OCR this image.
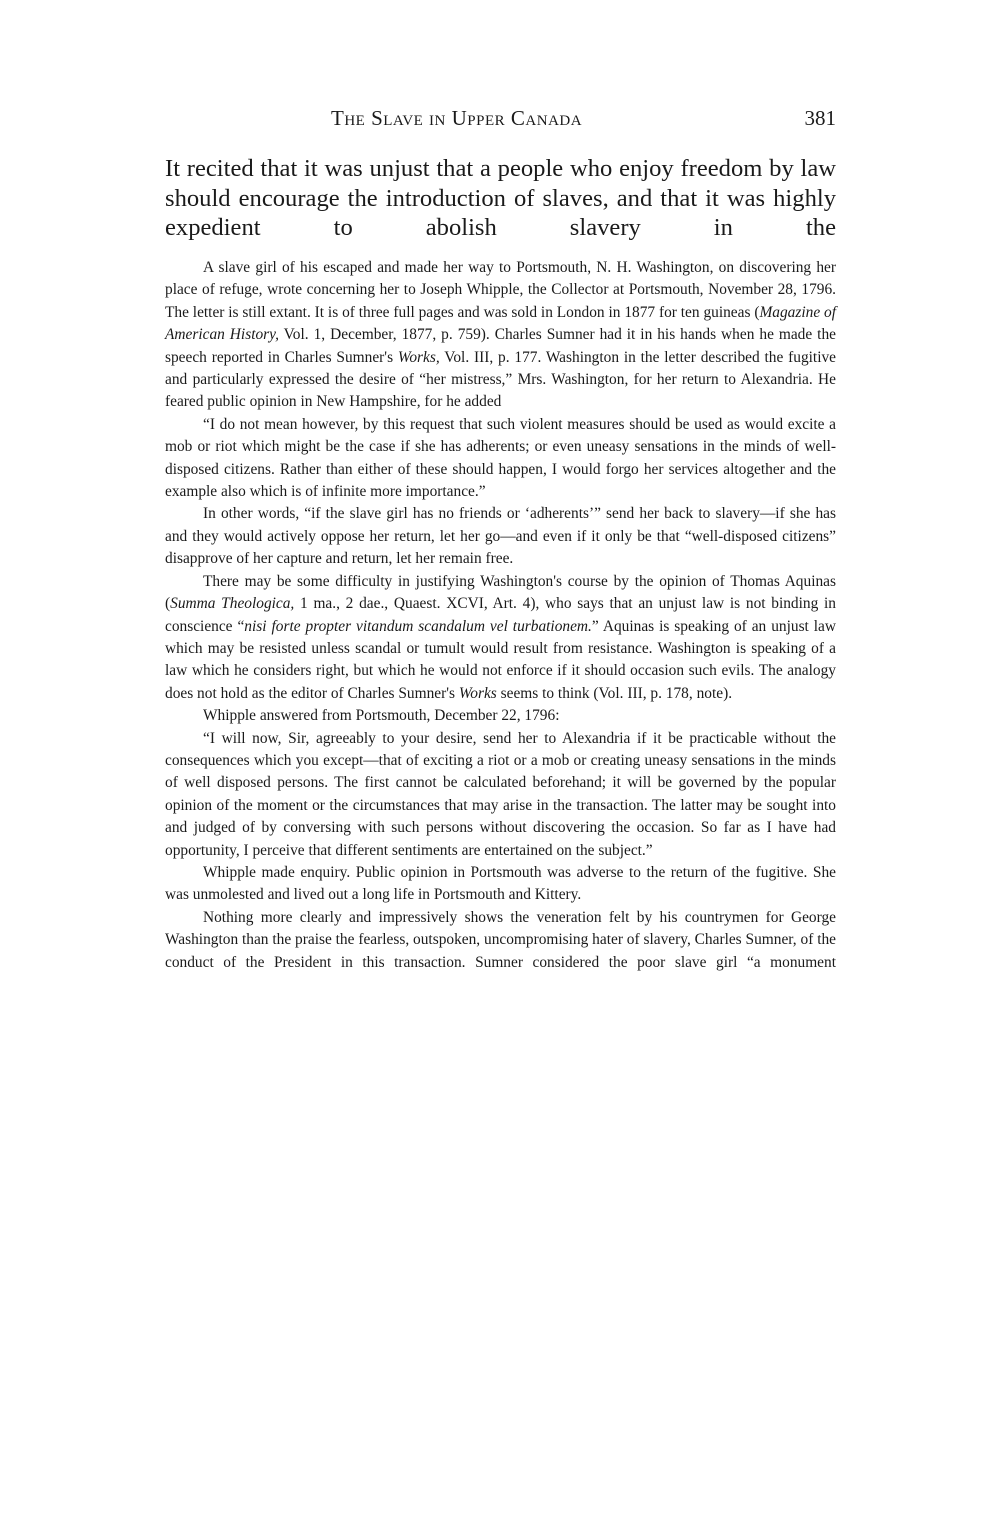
The Slave in Upper Canada	381

It recited that it was unjust that a people who enjoy freedom by law should encourage the introduction of slaves, and that it was highly expedient to abolish slavery in the

A slave girl of his escaped and made her way to Portsmouth, N. H. Washington, on discovering her place of refuge, wrote concerning her to Joseph Whipple, the Collector at Portsmouth, November 28, 1796. The letter is still extant. It is of three full pages and was sold in London in 1877 for ten guineas (Magazine of American History, Vol. 1, December, 1877, p. 759). Charles Sumner had it in his hands when he made the speech reported in Charles Sumner's Works, Vol. III, p. 177. Washington in the letter described the fugitive and particularly expressed the desire of “her mistress,” Mrs. Washington, for her return to Alexandria. He feared public opinion in New Hampshire, for he added

“I do not mean however, by this request that such violent measures should be used as would excite a mob or riot which might be the case if she has adherents; or even uneasy sensations in the minds of well-disposed citizens. Rather than either of these should happen, I would forgo her services altogether and the example also which is of infinite more importance.”

In other words, “if the slave girl has no friends or ‘adherents’” send her back to slavery—if she has and they would actively oppose her return, let her go—and even if it only be that “well-disposed citizens” disapprove of her capture and return, let her remain free.

There may be some difficulty in justifying Washington's course by the opinion of Thomas Aquinas (Summa Theologica, 1 ma., 2 dae., Quaest. XCVI, Art. 4), who says that an unjust law is not binding in conscience “nisi forte propter vitandum scandalum vel turbationem.” Aquinas is speaking of an unjust law which may be resisted unless scandal or tumult would result from resistance. Washington is speaking of a law which he considers right, but which he would not enforce if it should occasion such evils. The analogy does not hold as the editor of Charles Sumner's Works seems to think (Vol. III, p. 178, note).

Whipple answered from Portsmouth, December 22, 1796:

“I will now, Sir, agreeably to your desire, send her to Alexandria if it be practicable without the consequences which you except—that of exciting a riot or a mob or creating uneasy sensations in the minds of well disposed persons. The first cannot be calculated beforehand; it will be governed by the popular opinion of the moment or the circumstances that may arise in the transaction. The latter may be sought into and judged of by conversing with such persons without discovering the occasion. So far as I have had opportunity, I perceive that different sentiments are entertained on the subject.”

Whipple made enquiry. Public opinion in Portsmouth was adverse to the return of the fugitive. She was unmolested and lived out a long life in Portsmouth and Kittery.

Nothing more clearly and impressively shows the veneration felt by his countrymen for George Washington than the praise the fearless, outspoken, uncompromising hater of slavery, Charles Sumner, of the conduct of the President in this transaction. Sumner considered the poor slave girl “a monument
